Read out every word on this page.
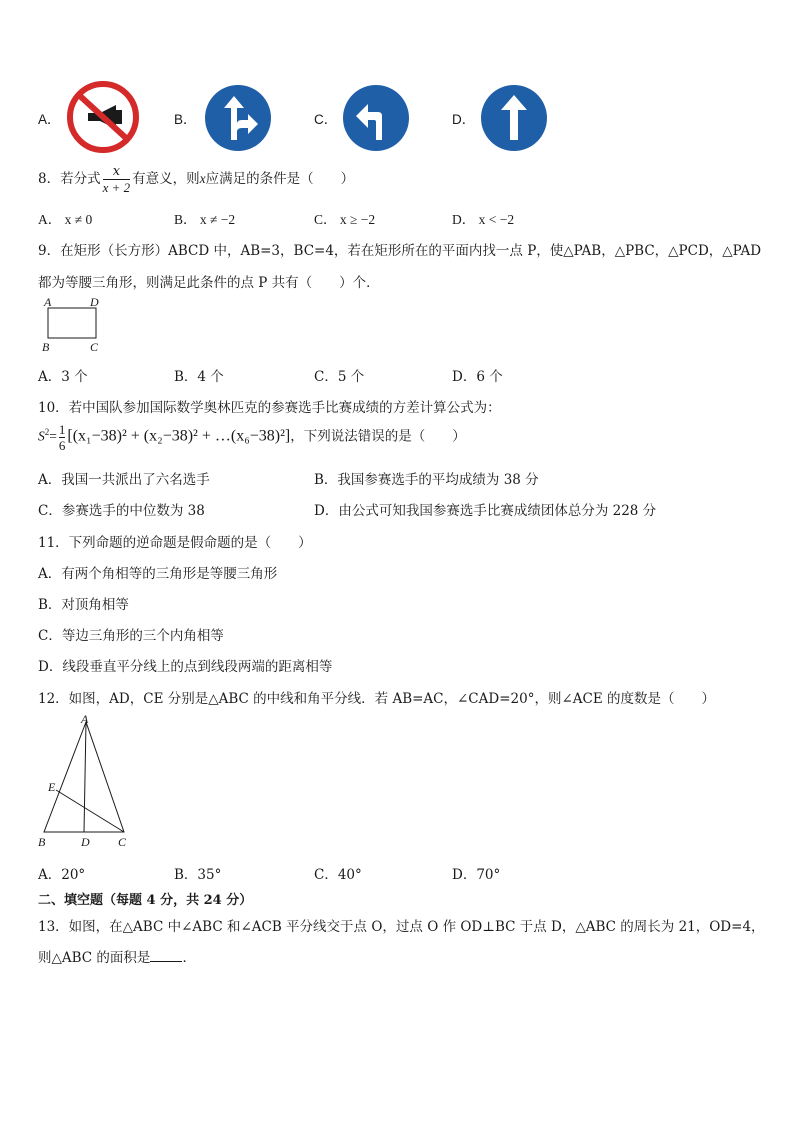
A．	B．	C．	D．
8．若分式 $\frac{x}{x + 2}$ 有意义，则x应满足的条件是（　　）
A． x ≠ 0	B． x ≠ −2	C． x ≥ −2	D． x < −2
9．在矩形（长方形）ABCD 中，AB=3，BC=4，若在矩形所在的平面内找一点 P，使△PAB，△PBC，△PCD，△PAD
都为等腰三角形，则满足此条件的点 P 共有（　　）个．
A	D
B	C
A．3 个	B．4 个	C．5 个	D．6 个
10．若中国队参加国际数学奥林匹克的参赛选手比赛成绩的方差计算公式为：
$S^2= \frac{1}{6} [(x_1-38)^2 + (x_2-38)^2$ + …(x₆−38)²]，下列说法错误的是（　　）
A．我国一共派出了六名选手	B．我国参赛选手的平均成绩为 38 分
C．参赛选手的中位数为 38	D．由公式可知我国参赛选手比赛成绩团体总分为 228 分
11．下列命题的逆命题是假命题的是（　　）
A．有两个角相等的三角形是等腰三角形
B．对顶角相等
C．等边三角形的三个内角相等
D．线段垂直平分线上的点到线段两端的距离相等
12．如图，AD，CE 分别是△ABC 的中线和角平分线．若 AB=AC，∠CAD=20°，则∠ACE 的度数是（　　）
A
E
B	D C
A．20°	B．35°	C．40°	D．70°
二、填空题（每题 4 分，共 24 分）
13．如图，在△ABC 中∠ABC 和∠ACB 平分线交于点 O，过点 O 作 OD⊥BC 于点 D，△ABC 的周长为 21，OD=4，
则△ABC 的面积是 ．
